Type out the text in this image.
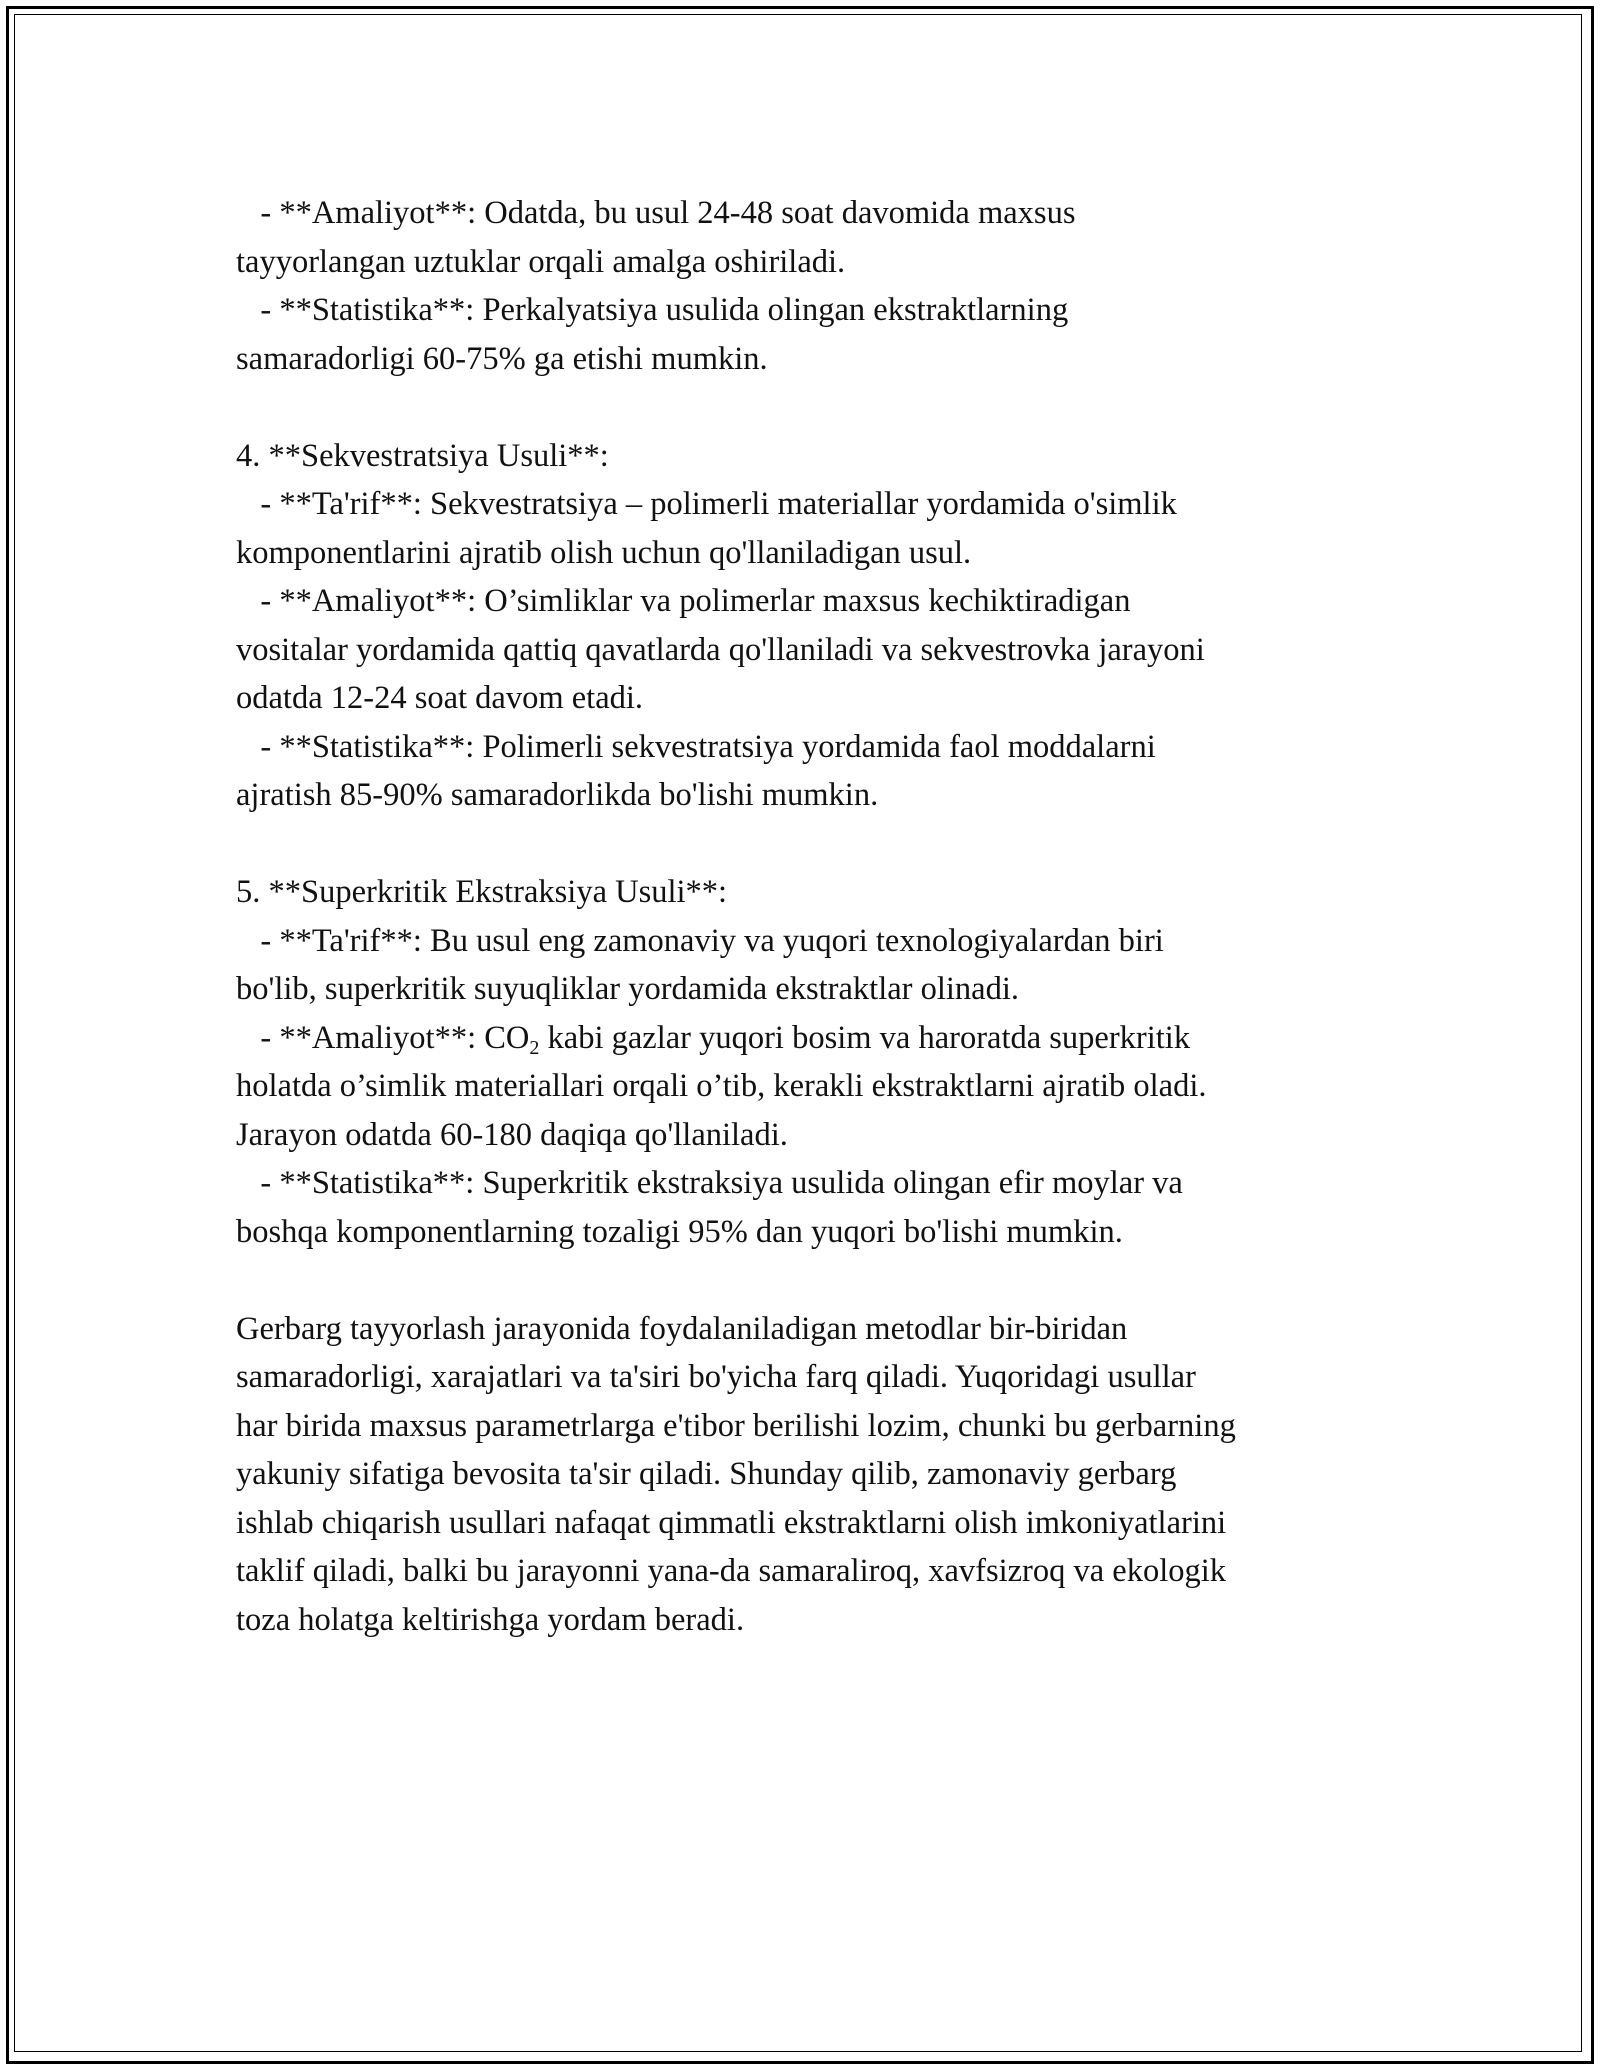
- **Amaliyot**: Odatda, bu usul 24-48 soat davomida maxsus
tayyorlangan uztuklar orqali amalga oshiriladi.
- **Statistika**: Perkalyatsiya usulida olingan ekstraktlarning
samaradorligi 60-75% ga etishi mumkin.
4. **Sekvestratsiya Usuli**:
- **Ta'rif**: Sekvestratsiya – polimerli materiallar yordamida o'simlik
komponentlarini ajratib olish uchun qo'llaniladigan usul.
- **Amaliyot**: O’simliklar va polimerlar maxsus kechiktiradigan
vositalar yordamida qattiq qavatlarda qo'llaniladi va sekvestrovka jarayoni
odatda 12-24 soat davom etadi.
- **Statistika**: Polimerli sekvestratsiya yordamida faol moddalarni
ajratish 85-90% samaradorlikda bo'lishi mumkin.
5. **Superkritik Ekstraksiya Usuli**:
- **Ta'rif**: Bu usul eng zamonaviy va yuqori texnologiyalardan biri
bo'lib, superkritik suyuqliklar yordamida ekstraktlar olinadi.
- **Amaliyot**: $CO_2$ kabi gazlar yuqori bosim va haroratda superkritik
holatda o’simlik materiallari orqali o’tib, kerakli ekstraktlarni ajratib oladi.
Jarayon odatda 60-180 daqiqa qo'llaniladi.
- **Statistika**: Superkritik ekstraksiya usulida olingan efir moylar va
boshqa komponentlarning tozaligi 95% dan yuqori bo'lishi mumkin.
Gerbarg tayyorlash jarayonida foydalaniladigan metodlar bir-biridan
samaradorligi, xarajatlari va ta'siri bo'yicha farq qiladi. Yuqoridagi usullar
har birida maxsus parametrlarga e'tibor berilishi lozim, chunki bu gerbarning
yakuniy sifatiga bevosita ta'sir qiladi. Shunday qilib, zamonaviy gerbarg
ishlab chiqarish usullari nafaqat qimmatli ekstraktlarni olish imkoniyatlarini
taklif qiladi, balki bu jarayonni yana-da samaraliroq, xavfsizroq va ekologik
toza holatga keltirishga yordam beradi.
